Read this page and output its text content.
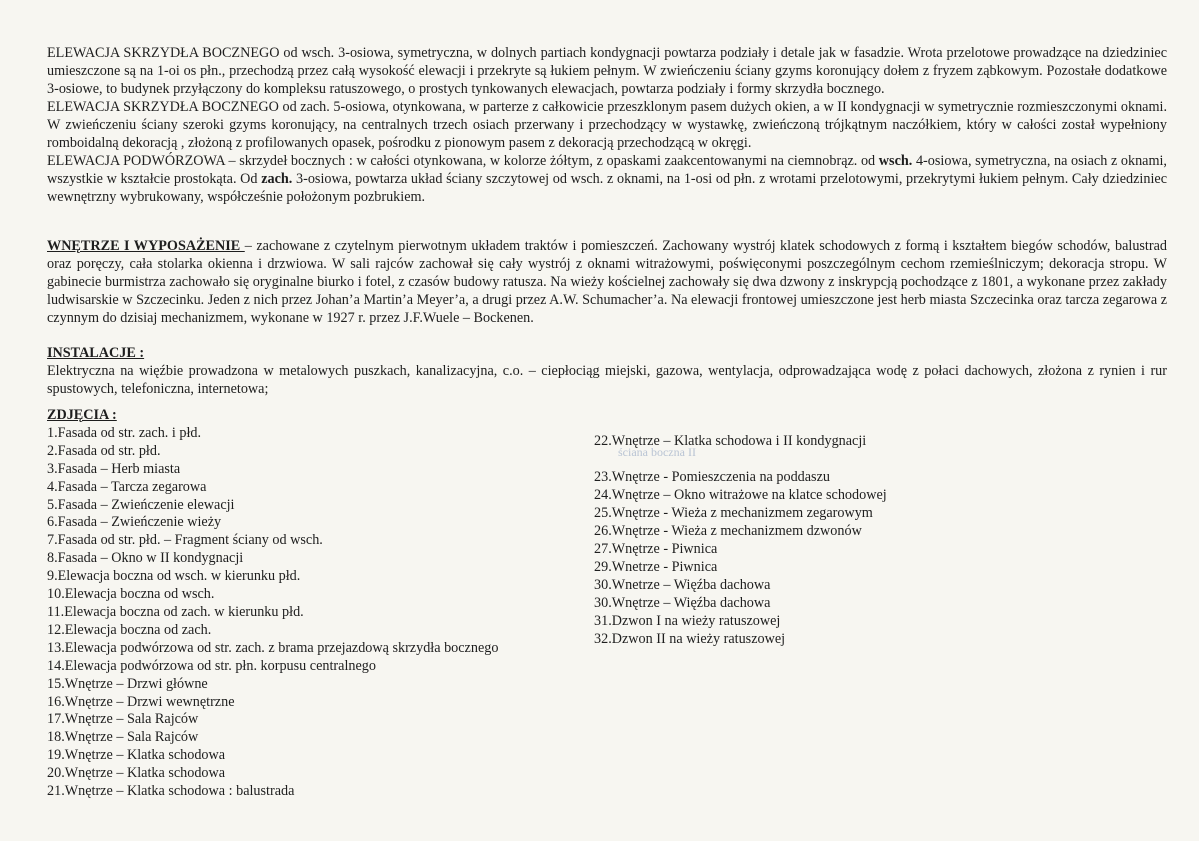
ELEWACJA SKRZYDŁA BOCZNEGO od wsch. 3-osiowa, symetryczna, w dolnych partiach kondygnacji powtarza podziały i detale jak w fasadzie. Wrota przelotowe prowadzące na dziedziniec umieszczone są na 1-oi os płn., przechodzą przez całą wysokość elewacji i przekryte są łukiem pełnym. W zwieńczeniu ściany gzyms koronujący dołem z fryzem ząbkowym. Pozostałe dodatkowe 3-osiowe, to budynek przyłączony do kompleksu ratuszowego, o prostych tynkowanych elewacjach, powtarza podziały i formy skrzydła bocznego.

ELEWACJA SKRZYDŁA BOCZNEGO od zach. 5-osiowa, otynkowana, w parterze z całkowicie przeszklonym pasem dużych okien, a w II kondygnacji w symetrycznie rozmieszczonymi oknami. W zwieńczeniu ściany szeroki gzyms koronujący, na centralnych trzech osiach przerwany i przechodzący w wystawkę, zwieńczoną trójkątnym naczółkiem, który w całości został wypełniony romboidalną dekoracją , złożoną z profilowanych opasek, pośrodku z pionowym pasem z dekoracją przechodzącą w okręgi.

ELEWACJA PODWÓRZOWA – skrzydeł bocznych : w całości otynkowana, w kolorze żółtym, z opaskami zaakcentowanymi na ciemnobrąz. od wsch. 4-osiowa, symetryczna, na osiach z oknami, wszystkie w kształcie prostokąta. Od zach. 3-osiowa, powtarza układ ściany szczytowej od wsch. z oknami, na 1-osi od płn. z wrotami przelotowymi, przekrytymi łukiem pełnym. Cały dziedziniec wewnętrzny wybrukowany, współcześnie położonym pozbrukiem.

WNĘTRZE I WYPOSAŻENIE – zachowane z czytelnym pierwotnym układem traktów i pomieszczeń. Zachowany wystrój klatek schodowych z formą i kształtem biegów schodów, balustrad oraz poręczy, cała stolarka okienna i drzwiowa. W sali rajców zachował się cały wystrój z oknami witrażowymi, poświęconymi poszczególnym cechom rzemieślniczym; dekoracja stropu. W gabinecie burmistrza zachowało się oryginalne biurko i fotel, z czasów budowy ratusza. Na wieży kościelnej zachowały się dwa dzwony z inskrypcją pochodzące z 1801, a wykonane przez zakłady ludwisarskie w Szczecinku. Jeden z nich przez Johan’a Martin’a Meyer’a, a drugi przez A.W. Schumacher’a. Na elewacji frontowej umieszczone jest herb miasta Szczecinka oraz tarcza zegarowa z czynnym do dzisiaj mechanizmem, wykonane w 1927 r. przez J.F.Wuele – Bockenen.

INSTALACJE :

Elektryczna na więźbie prowadzona w metalowych puszkach, kanalizacyjna, c.o. – ciepłociąg miejski, gazowa, wentylacja, odprowadzająca wodę z połaci dachowych, złożona z rynien i rur spustowych, telefoniczna, internetowa;

ZDJĘCIA :
1.Fasada od str. zach. i płd.
2.Fasada od str. płd.
3.Fasada – Herb miasta
4.Fasada – Tarcza zegarowa
5.Fasada – Zwieńczenie elewacji
6.Fasada – Zwieńczenie wieży
7.Fasada od str. płd. – Fragment ściany od wsch.
8.Fasada – Okno w II kondygnacji
9.Elewacja boczna od wsch. w kierunku płd.
10.Elewacja boczna od wsch.
11.Elewacja boczna od zach. w kierunku płd.
12.Elewacja boczna od zach.
13.Elewacja podwórzowa od str. zach. z brama przejazdową skrzydła bocznego
14.Elewacja podwórzowa od str. płn. korpusu centralnego
15.Wnętrze – Drzwi główne
16.Wnętrze – Drzwi wewnętrzne
17.Wnętrze – Sala Rajców
18.Wnętrze – Sala Rajców
19.Wnętrze – Klatka schodowa
20.Wnętrze – Klatka schodowa
21.Wnętrze – Klatka schodowa : balustrada
22.Wnętrze – Klatka schodowa i II kondygnacji
23.Wnętrze - Pomieszczenia na poddaszu
24.Wnętrze – Okno witrażowe na klatce schodowej
25.Wnętrze - Wieża z mechanizmem zegarowym
26.Wnętrze - Wieża z mechanizmem dzwonów
27.Wnętrze - Piwnica
29.Wnetrze - Piwnica
30.Wnetrze – Więźba dachowa
30.Wnętrze – Więźba dachowa
31.Dzwon I na wieży ratuszowej
32.Dzwon II na wieży ratuszowej
ściana boczna II
